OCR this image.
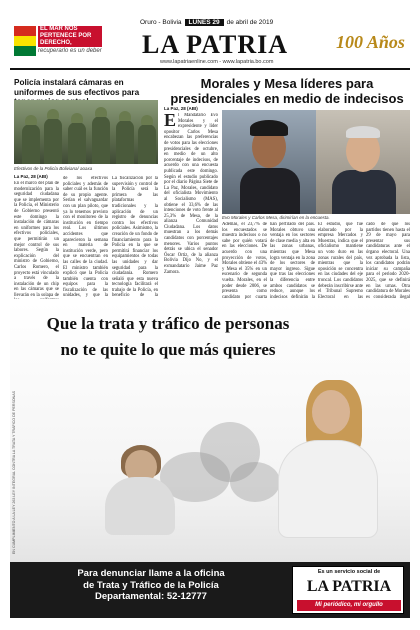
EL MAR NOS PERTENECE POR DERECHO,
recuperarlo es un deber
Oruro - Bolivia	LUNES 29	de abril de 2019
LA PATRIA
www.lapatriaenline.com - www.lapatria.bo.com
100 Años
Policía instalará cámaras en uniformes de sus efectivos para
Efectivos de la Policía Boliviana/ aoaxa
La Paz, 28 (ABI)
En el marco del plan de modernización para la seguridad ciudadana que se implementa por la Policía, el Ministerio de Gobierno presentó este domingo la instalación de cámaras en uniformes para los efectivos policiales, que permitirán un mejor control de sus labores. Según la explicación del ministro de Gobierno, Carlos Romero, el proyecto está vinculado a través de la instalación de un chip en las cámaras que se llevarán en la solapa de
de los efectivos policiales y además de saber cuál es la función de su propio agente. Serían el salvaguardar con un plan piloto, que ya lo tenemos previsto con el monitoreo de la institución en tiempo real. Los últimos accidentes que aparecieron la semana en materia de institución verde, pero que se encuentran en las calles de la ciudad. El ministro también explicó que la Policía también cuenta con equipos para la fiscalización de las unidades, y que la
La fiscalización por la supervisión y control de la Policía será la primera de las plataformas tradicionales y la aplicación de un registro de denuncias contra los efectivos policiales. Asimismo, la creación de un fondo de financiamiento para la Policía en la que se permitirá financiar los equipamientos de todas las unidades y dar seguridad para la ciudadanía. Romero señaló que esta nueva tecnología facilitará el trabajo de la Policía, en beneficio de la
Morales y Mesa líderes para presidenciales en medio de indecisos
La Paz, 28 (ABI)
El Mandatario Evo Morales y el expresidente y líder opositor Carlos Mesa encabezan las preferencias de votos para las elecciones presidenciales de octubre, en medio de un alto porcentaje de indecisos, de acuerdo con una encuesta publicada este domingo. Según el estudio publicado por el diario Página Siete de La Paz, Morales, candidato del oficialista Movimiento al Socialismo (MAS), obtiene el 33,6% de las intenciones de voto frente al 25,3% de Mesa, de la alianza Comunidad Ciudadana. Los datos muestran a los demás candidatos con porcentajes menores. Varios puntos detrás se ubica el senador Óscar Ortiz, de la alianza Bolivia Dijo No, y el exmandatario Jaime Paz Zamora.
Evo Morales y Carlos Mesa, dirimirían en la encuesta.
Además, el 23,7% de los encuestados se muestra indecisos o no sabe por quién votará en las elecciones. De acuerdo con una proyección de votos, Morales obtiene el 43% y Mesa el 35% en un escenario de segunda vuelta. Morales, en el poder desde 2006, se presenta como candidato por cuarta
han perfilado del país. Morales obtuvo una ventaja en los sectores de clase media y alta en las zonas urbanas, mientras que Mesa logra ventaja en la zona de los sectores de mayor ingreso. Sigue que tras las elecciones la diferencia entre ambos candidatos se reduce, aunque los indecisos definirán la
El estudio, que fue elaborado por la empresa Mercados y Muestras, indica que el oficialismo mantiene un voto duro en las zonas rurales del país, mientras que la oposición se concentra en las ciudades del eje troncal. Los candidatos deberán inscribirse ante el Tribunal Supremo Electoral en las
cado de que los partidos tienen hasta el 29 de mayo para presentar sus candidaturas ante el órgano electoral. Una vez aprobada la lista, los candidatos podrán iniciar su campaña para el periodo 2020-2025, que se definirá en las urnas. Otra candidatura de Morales es considerada ilegal
EN CUMPLIMIENTO A LA LEY 263 LEY INTEGRAL CONTRA LA TRATA Y TRÁFICO DE PERSONAS
Que la trata y tráfico de personas
no te quite lo que más quieres
Para denunciar llame a la oficina
de Trata y Tráfico de la Policía
Departamental: 52-12777
Es un servicio social de
LA PATRIA
Mi periódico, mi orgullo
